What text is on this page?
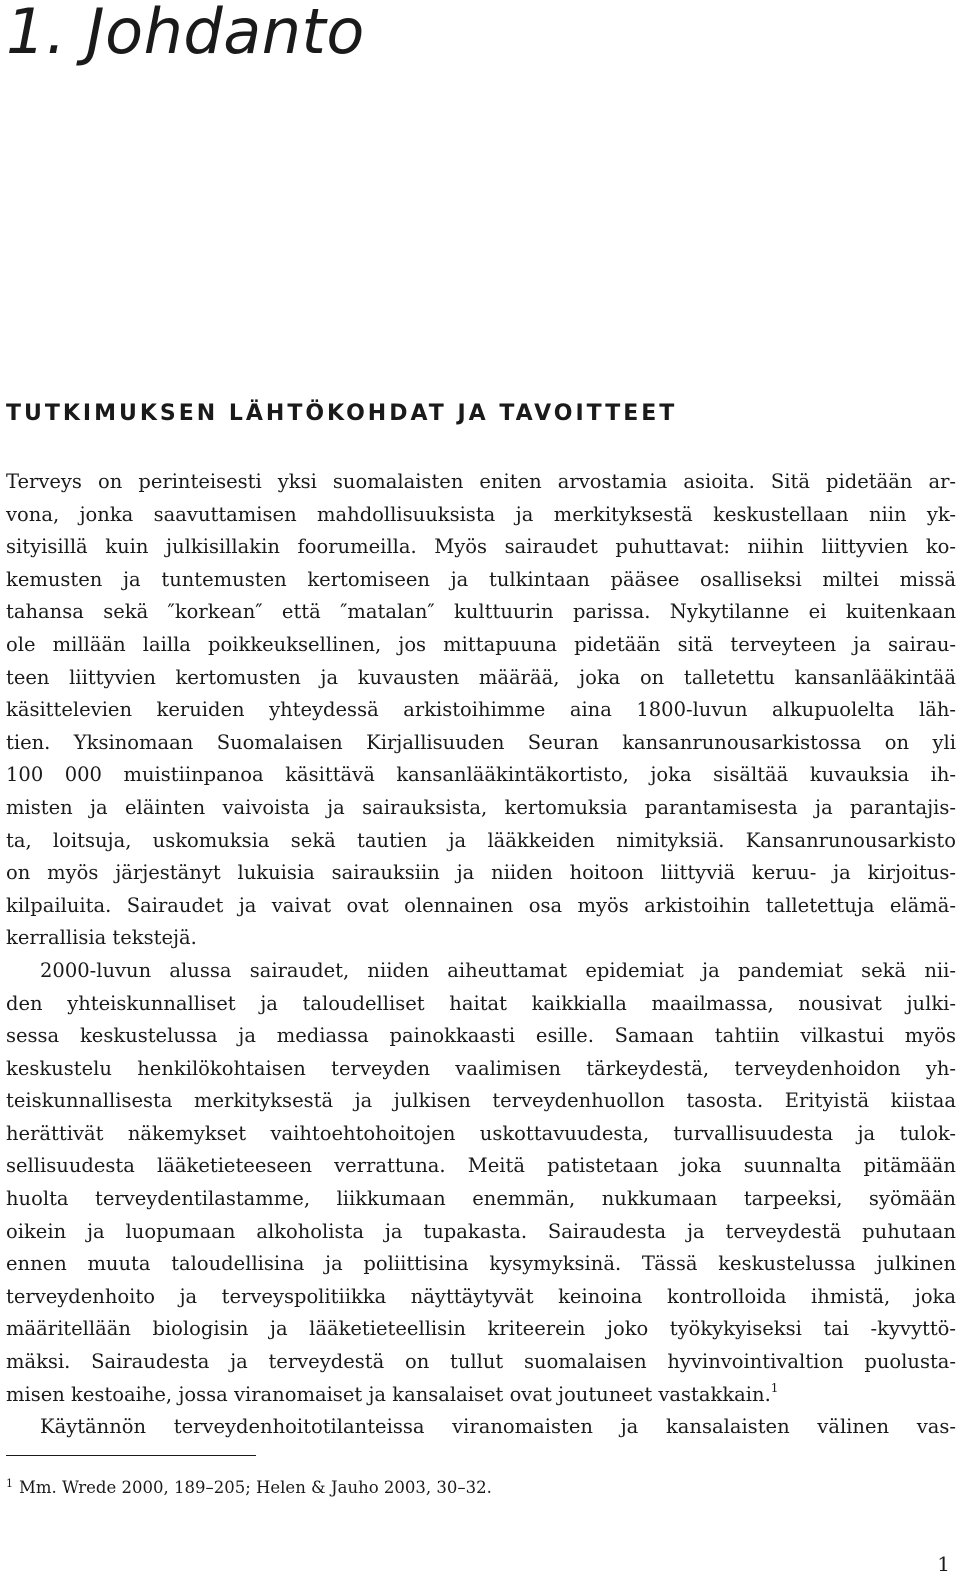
1. Johdanto
TUTKIMUKSEN LÄHTÖKOHDAT JA TAVOITTEET
Terveys on perinteisesti yksi suomalaisten eniten arvostamia asioita. Sitä pidetään ar-
vona, jonka saavuttamisen mahdollisuuksista ja merkityksestä keskustellaan niin yk-
sityisillä kuin julkisillakin foorumeilla. Myös sairaudet puhuttavat: niihin liittyvien ko-
kemusten ja tuntemusten kertomiseen ja tulkintaan pääsee osalliseksi miltei missä
tahansa sekä ″korkean″ että ″matalan″ kulttuurin parissa. Nykytilanne ei kuitenkaan
ole millään lailla poikkeuksellinen, jos mittapuuna pidetään sitä terveyteen ja sairau-
teen liittyvien kertomusten ja kuvausten määrää, joka on talletettu kansanlääkintää
käsittelevien keruiden yhteydessä arkistoihimme aina 1800-luvun alkupuolelta läh-
tien. Yksinomaan Suomalaisen Kirjallisuuden Seuran kansanrunousarkistossa on yli
100 000 muistiinpanoa käsittävä kansanlääkintäkortisto, joka sisältää kuvauksia ih-
misten ja eläinten vaivoista ja sairauksista, kertomuksia parantamisesta ja parantajis-
ta, loitsuja, uskomuksia sekä tautien ja lääkkeiden nimityksiä. Kansanrunousarkisto
on myös järjestänyt lukuisia sairauksiin ja niiden hoitoon liittyviä keruu- ja kirjoitus-
kilpailuita. Sairaudet ja vaivat ovat olennainen osa myös arkistoihin talletettuja elämä-
kerrallisia tekstejä.
2000-luvun alussa sairaudet, niiden aiheuttamat epidemiat ja pandemiat sekä nii-
den yhteiskunnalliset ja taloudelliset haitat kaikkialla maailmassa, nousivat julki-
sessa keskustelussa ja mediassa painokkaasti esille. Samaan tahtiin vilkastui myös
keskustelu henkilökohtaisen terveyden vaalimisen tärkeydestä, terveydenhoidon yh-
teiskunnallisesta merkityksestä ja julkisen terveydenhuollon tasosta. Erityistä kiistaa
herättivät näkemykset vaihtoehtohoitojen uskottavuudesta, turvallisuudesta ja tulok-
sellisuudesta lääketieteeseen verrattuna. Meitä patistetaan joka suunnalta pitämään
huolta terveydentilastamme, liikkumaan enemmän, nukkumaan tarpeeksi, syömään
oikein ja luopumaan alkoholista ja tupakasta. Sairaudesta ja terveydestä puhutaan
ennen muuta taloudellisina ja poliittisina kysymyksinä. Tässä keskustelussa julkinen
terveydenhoito ja terveyspolitiikka näyttäytyvät keinoina kontrolloida ihmistä, joka
määritellään biologisin ja lääketieteellisin kriteerein joko työkykyiseksi tai -kyvyttö-
mäksi. Sairaudesta ja terveydestä on tullut suomalaisen hyvinvointivaltion puolusta-
misen kestoaihe, jossa viranomaiset ja kansalaiset ovat joutuneet vastakkain.$^1$
Käytännön terveydenhoitotilanteissa viranomaisten ja kansalaisten välinen vas-
$^1$ Mm. Wrede 2000, 189–205; Helen & Jauho 2003, 30–32.
1
